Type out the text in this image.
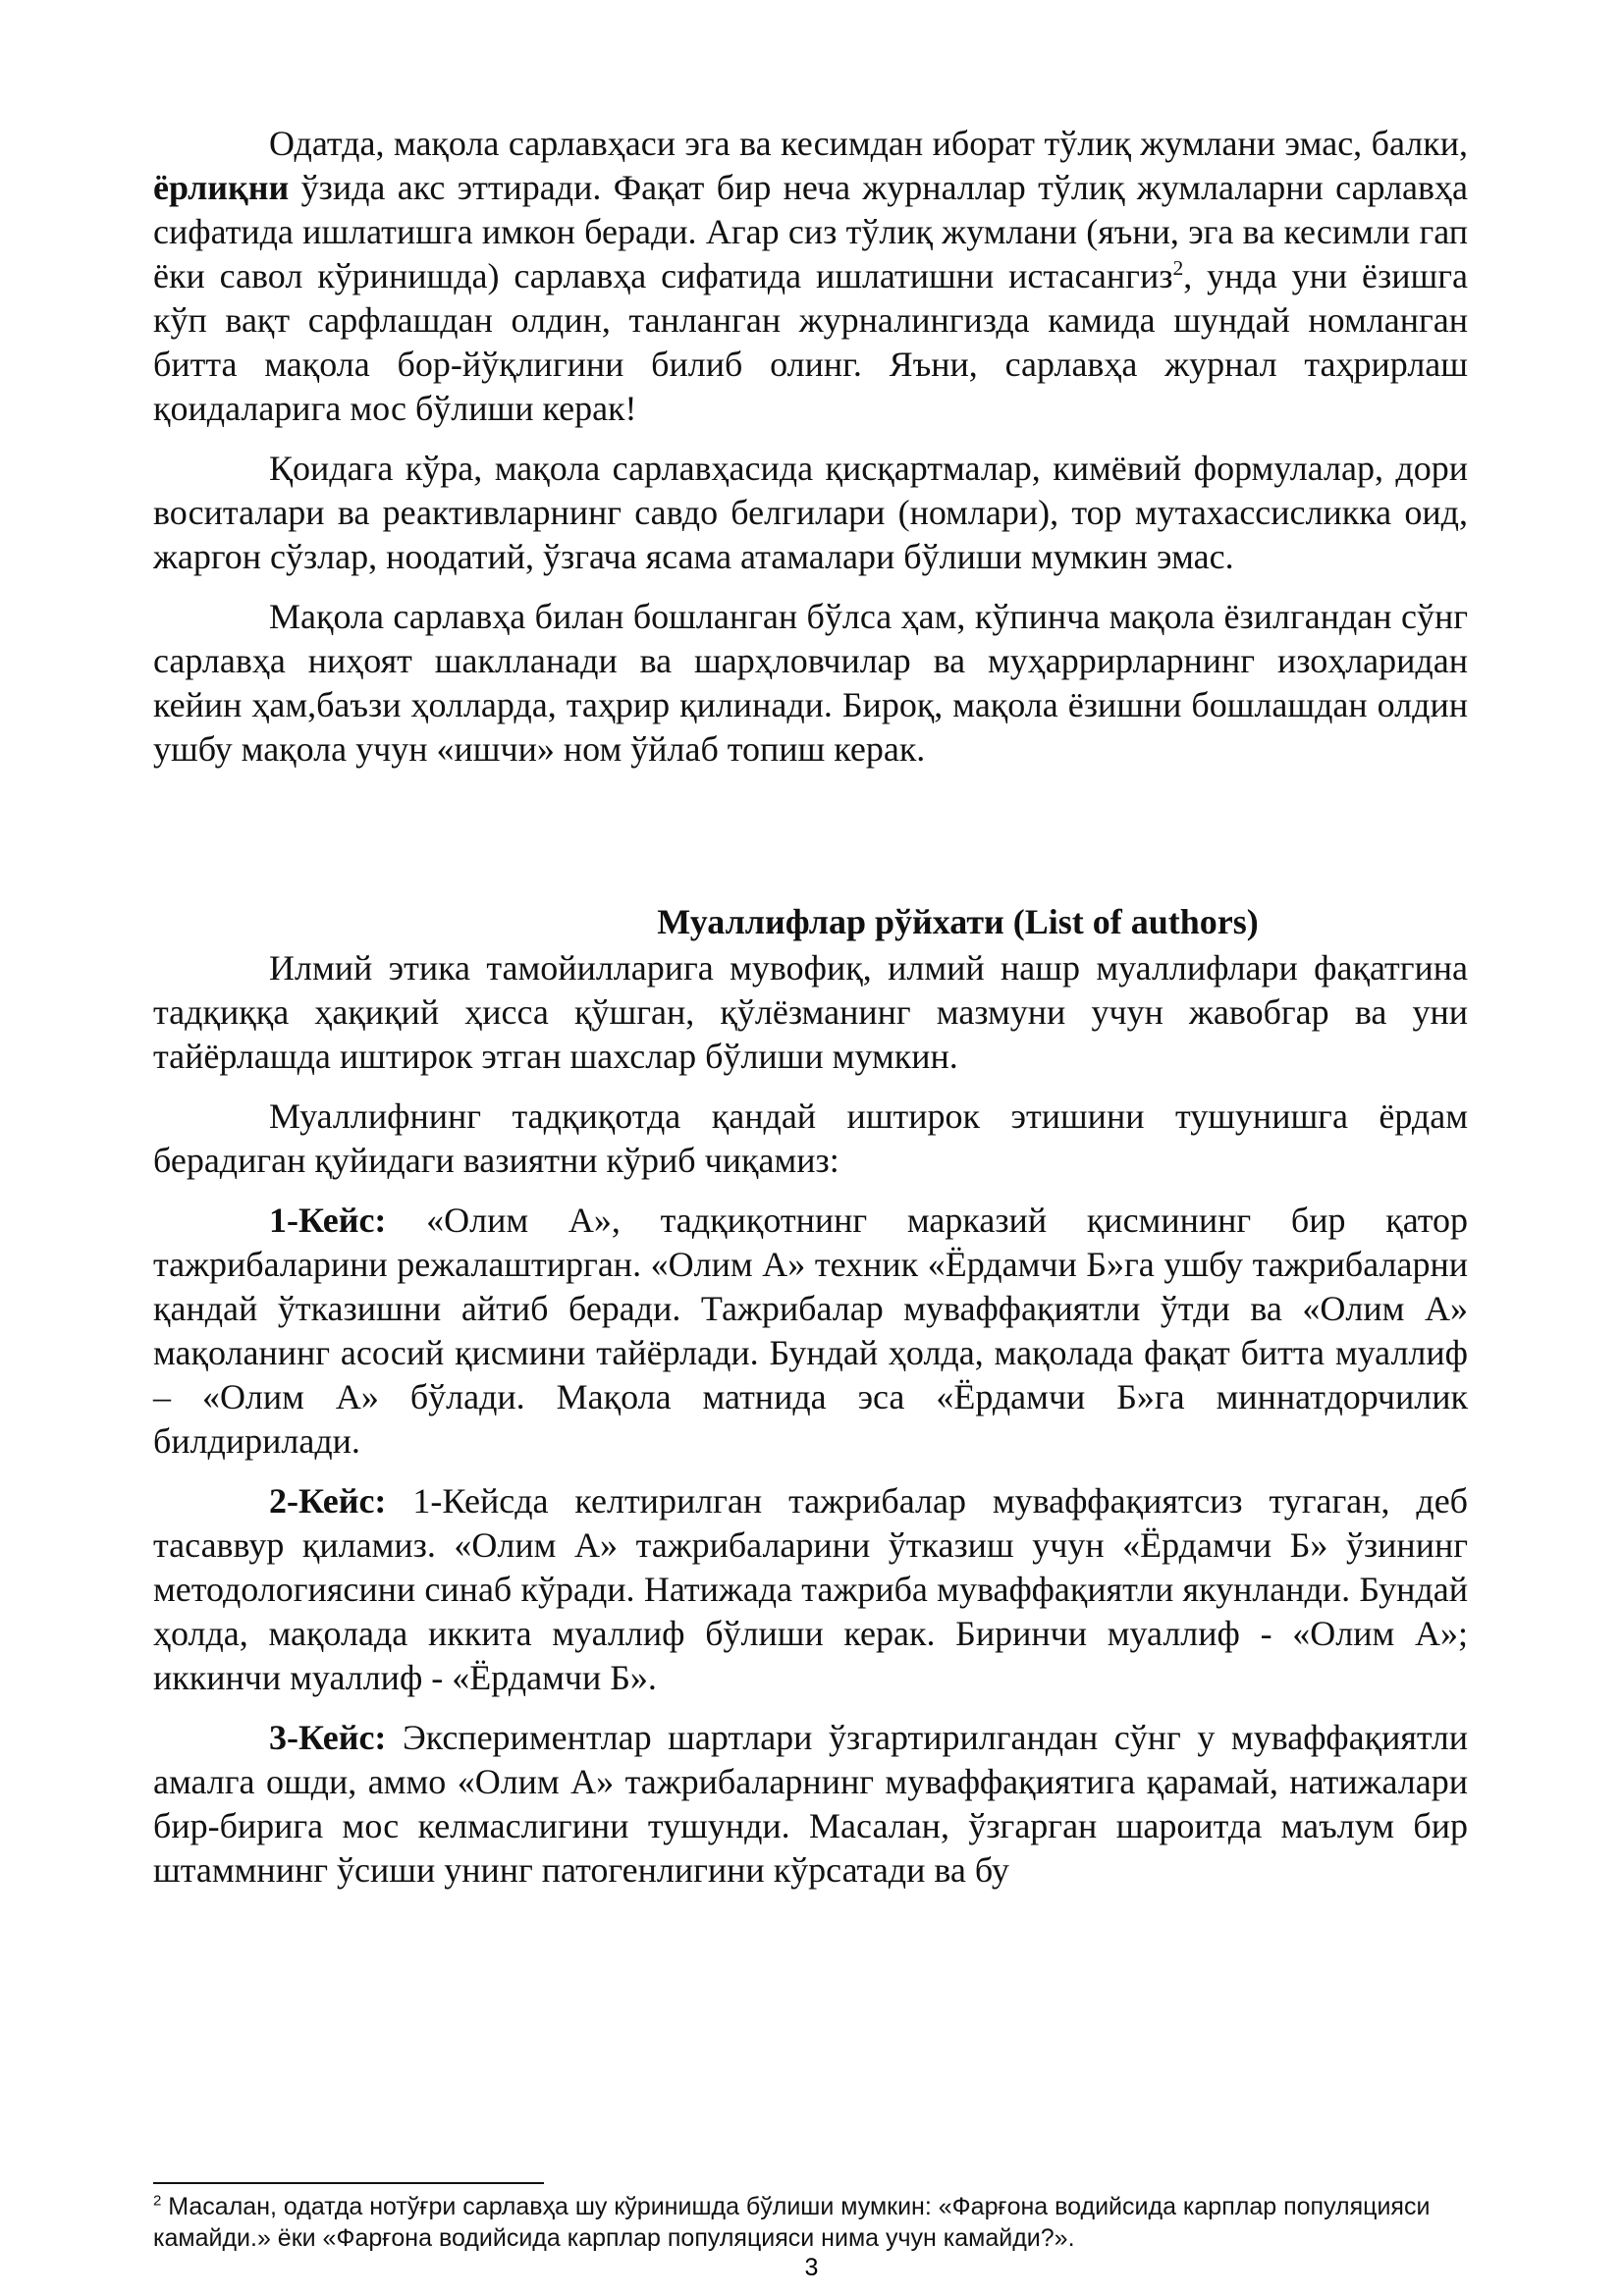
Одатда, мақола сарлавҳаси эга ва кесимдан иборат тўлиқ жумлани эмас, балки, ёрлиқни ўзида акс эттиради. Фақат бир неча журналлар тўлиқ жумлаларни сарлавҳа сифатида ишлатишга имкон беради. Агар сиз тўлиқ жумлани (яъни, эга ва кесимли гап ёки савол кўринишда) сарлавҳа сифатида ишлатишни истасангиз$^2$, унда уни ёзишга кўп вақт сарфлашдан олдин, танланган журналингизда камида шундай номланган битта мақола бор-йўқлигини билиб олинг. Яъни, сарлавҳа журнал таҳрирлаш қоидаларига мос бўлиши керак!

Қоидага кўра, мақола сарлавҳасида қисқартмалар, кимёвий формулалар, дори воситалари ва реактивларнинг савдо белгилари (номлари), тор мутахассисликка оид, жаргон сўзлар, ноодатий, ўзгача ясама атамалари бўлиши мумкин эмас.

Мақола сарлавҳа билан бошланган бўлса ҳам, кўпинча мақола ёзилгандан сўнг сарлавҳа ниҳоят шаклланади ва шарҳловчилар ва муҳаррирларнинг изоҳларидан кейин ҳам,баъзи ҳолларда, таҳрир қилинади. Бироқ, мақола ёзишни бошлашдан олдин ушбу мақола учун «ишчи» ном ўйлаб топиш керак.

Муаллифлар рўйхати (List of authors)

Илмий этика тамойилларига мувофиқ, илмий нашр муаллифлари фақатгина тадқиққа ҳақиқий ҳисса қўшган, қўлёзманинг мазмуни учун жавобгар ва уни тайёрлашда иштирок этган шахслар бўлиши мумкин.

Муаллифнинг тадқиқотда қандай иштирок этишини тушунишга ёрдам берадиган қуйидаги вазиятни кўриб чиқамиз:

1-Кейс: «Олим А», тадқиқотнинг марказий қисмининг бир қатор тажрибаларини режалаштирган. «Олим А» техник «Ёрдамчи Б»га ушбу тажрибаларни қандай ўтказишни айтиб беради. Тажрибалар муваффақиятли ўтди ва «Олим А» мақоланинг асосий қисмини тайёрлади. Бундай ҳолда, мақолада фақат битта муаллиф – «Олим А» бўлади. Мақола матнида эса «Ёрдамчи Б»га миннатдорчилик билдирилади.

2-Кейс: 1-Кейсда келтирилган тажрибалар муваффақиятсиз тугаган, деб тасаввур қиламиз. «Олим А» тажрибаларини ўтказиш учун «Ёрдамчи Б» ўзининг методологиясини синаб кўради. Натижада тажриба муваффақиятли якунланди. Бундай ҳолда, мақолада иккита муаллиф бўлиши керак. Биринчи муаллиф - «Олим А»; иккинчи муаллиф - «Ёрдамчи Б».

3-Кейс: Экспериментлар шартлари ўзгартирилгандан сўнг у муваффақиятли амалга ошди, аммо «Олим А» тажрибаларнинг муваффақиятига қарамай, натижалари бир-бирига мос келмаслигини тушунди. Масалан, ўзгарган шароитда маълум бир штаммнинг ўсиши унинг патогенлигини кўрсатади ва бу

$^2$ Масалан, одатда нотўғри сарлавҳа шу кўринишда бўлиши мумкин: «Фарғона водийсида карплар популяцияси камайди.» ёки «Фарғона водийсида карплар популяцияси нима учун камайди?».
3
